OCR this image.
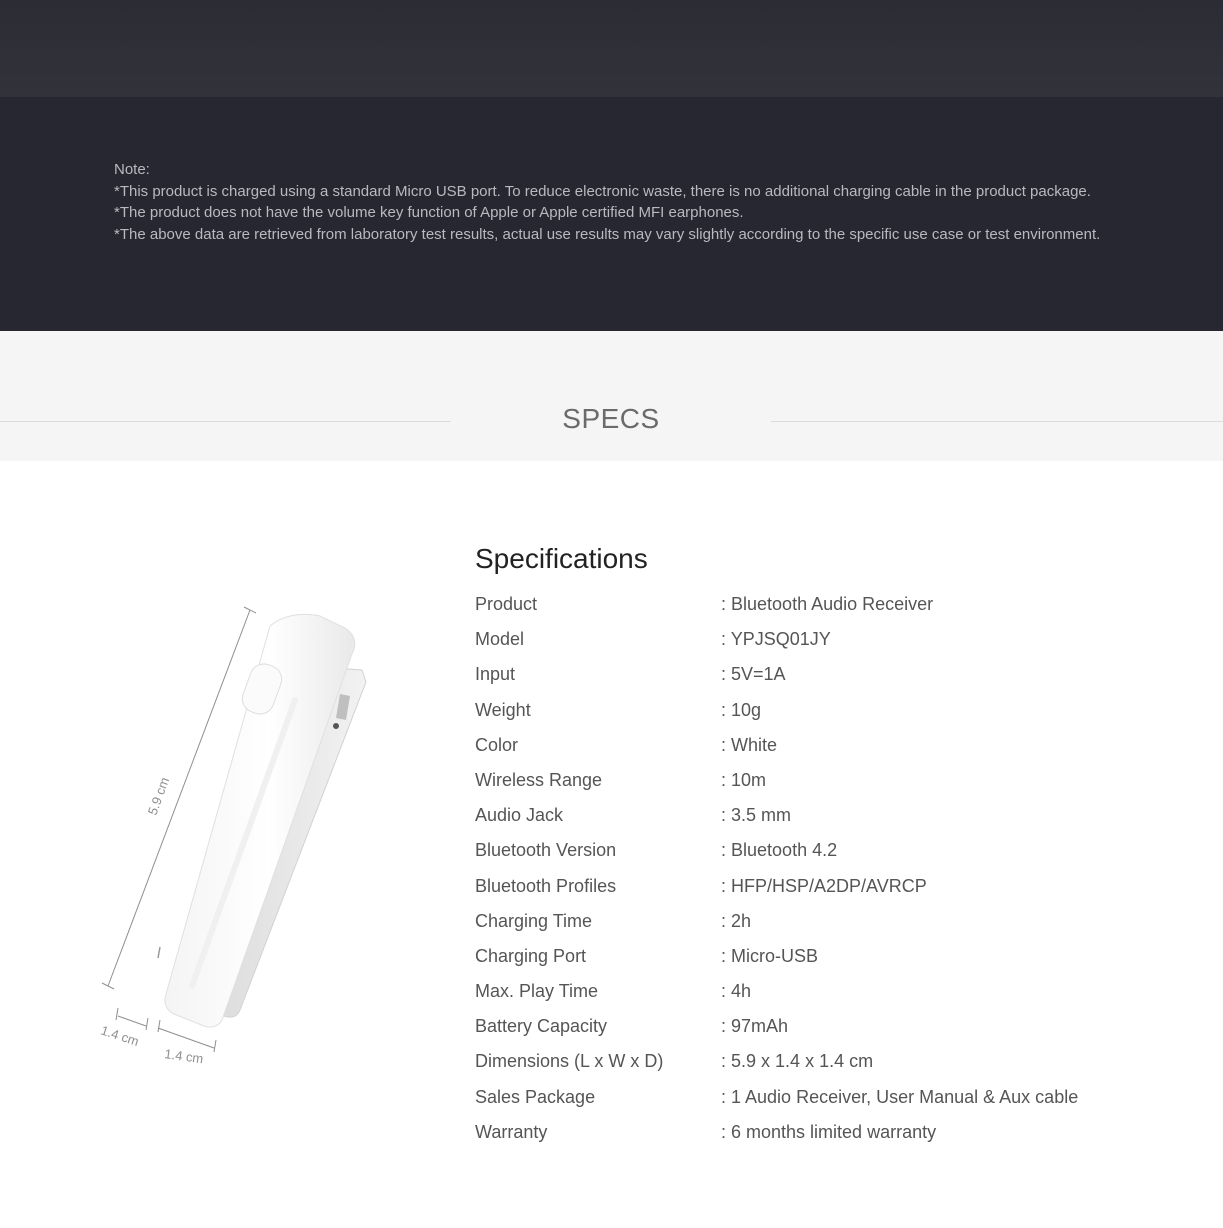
Note:
*This product is charged using a standard Micro USB port. To reduce electronic waste, there is no additional charging cable in the product package.
*The product does not have the volume key function of Apple or Apple certified MFI earphones.
*The above data are retrieved from laboratory test results, actual use results may vary slightly according to the specific use case or test environment.
SPECS
5.9 cm
1.4 cm
1.4 cm
Specifications
Product	: Bluetooth Audio Receiver
Model	: YPJSQ01JY
Input	: 5V=1A
Weight	: 10g
Color	: White
Wireless Range	: 10m
Audio Jack	: 3.5 mm
Bluetooth Version	: Bluetooth 4.2
Bluetooth Profiles	: HFP/HSP/A2DP/AVRCP
Charging Time	: 2h
Charging Port	: Micro-USB
Max. Play Time	: 4h
Battery Capacity	: 97mAh
Dimensions (L x W x D)	: 5.9 x 1.4 x 1.4 cm
Sales Package	: 1 Audio Receiver, User Manual & Aux cable
Warranty	: 6 months limited warranty
